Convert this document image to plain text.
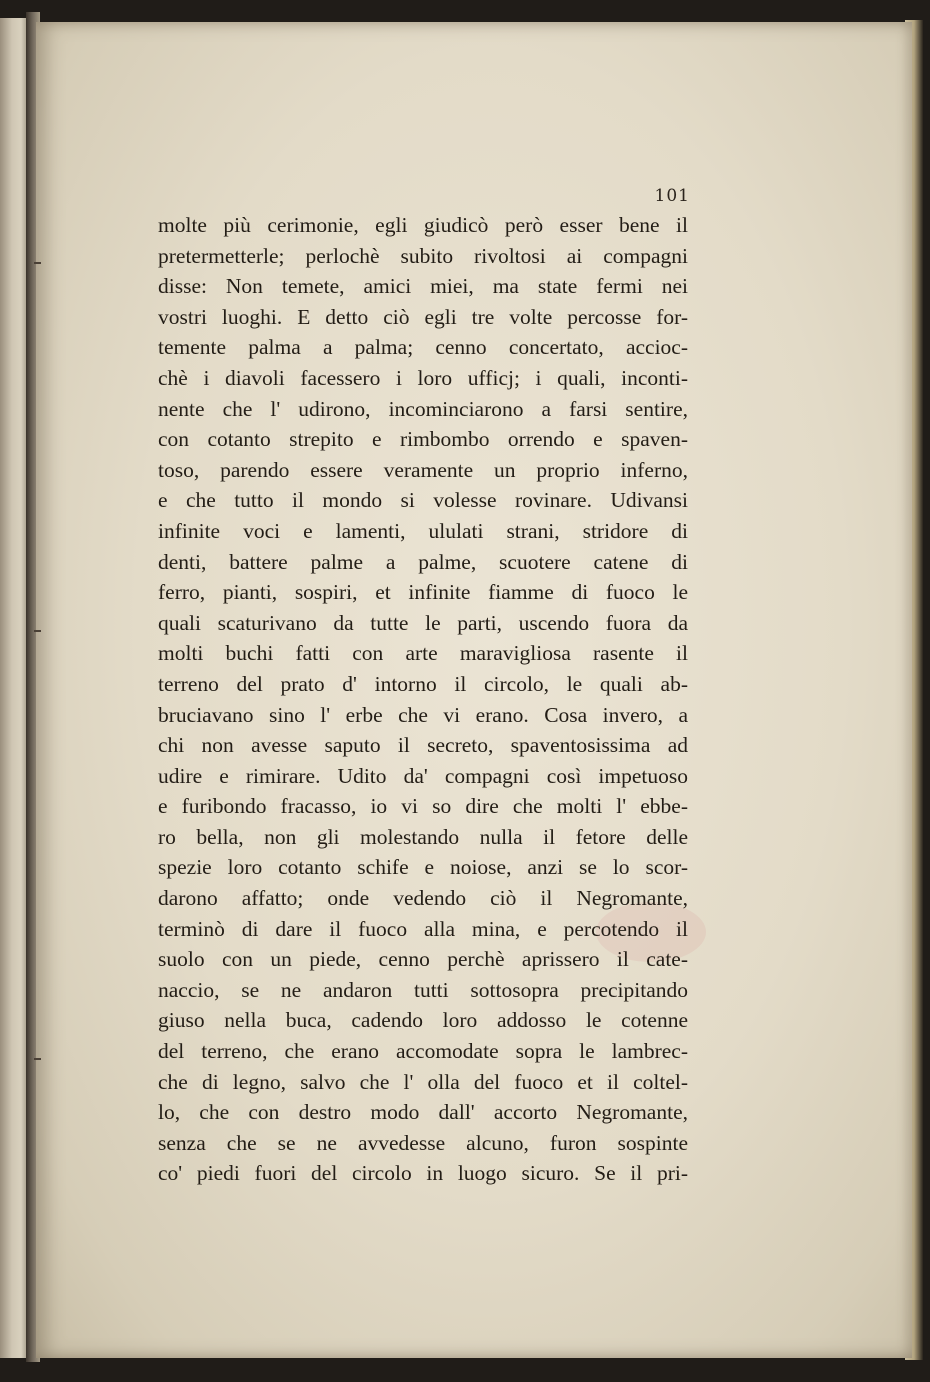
101
molte più cerimonie, egli giudicò però esser bene il
pretermetterle; perlochè subito rivoltosi ai compagni
disse: Non temete, amici miei, ma state fermi nei
vostri luoghi. E detto ciò egli tre volte percosse for-
temente palma a palma; cenno concertato, accioc-
chè i diavoli facessero i loro ufficj; i quali, inconti-
nente che l' udirono, incominciarono a farsi sentire,
con cotanto strepito e rimbombo orrendo e spaven-
toso, parendo essere veramente un proprio inferno,
e che tutto il mondo si volesse rovinare. Udivansi
infinite voci e lamenti, ululati strani, stridore di
denti, battere palme a palme, scuotere catene di
ferro, pianti, sospiri, et infinite fiamme di fuoco le
quali scaturivano da tutte le parti, uscendo fuora da
molti buchi fatti con arte maravigliosa rasente il
terreno del prato d' intorno il circolo, le quali ab-
bruciavano sino l' erbe che vi erano. Cosa invero, a
chi non avesse saputo il secreto, spaventosissima ad
udire e rimirare. Udito da' compagni così impetuoso
e furibondo fracasso, io vi so dire che molti l' ebbe-
ro bella, non gli molestando nulla il fetore delle
spezie loro cotanto schife e noiose, anzi se lo scor-
darono affatto; onde vedendo ciò il Negromante,
terminò di dare il fuoco alla mina, e percotendo il
suolo con un piede, cenno perchè aprissero il cate-
naccio, se ne andaron tutti sottosopra precipitando
giuso nella buca, cadendo loro addosso le cotenne
del terreno, che erano accomodate sopra le lambrec-
che di legno, salvo che l' olla del fuoco et il coltel-
lo, che con destro modo dall' accorto Negromante,
senza che se ne avvedesse alcuno, furon sospinte
co' piedi fuori del circolo in luogo sicuro. Se il pri-
